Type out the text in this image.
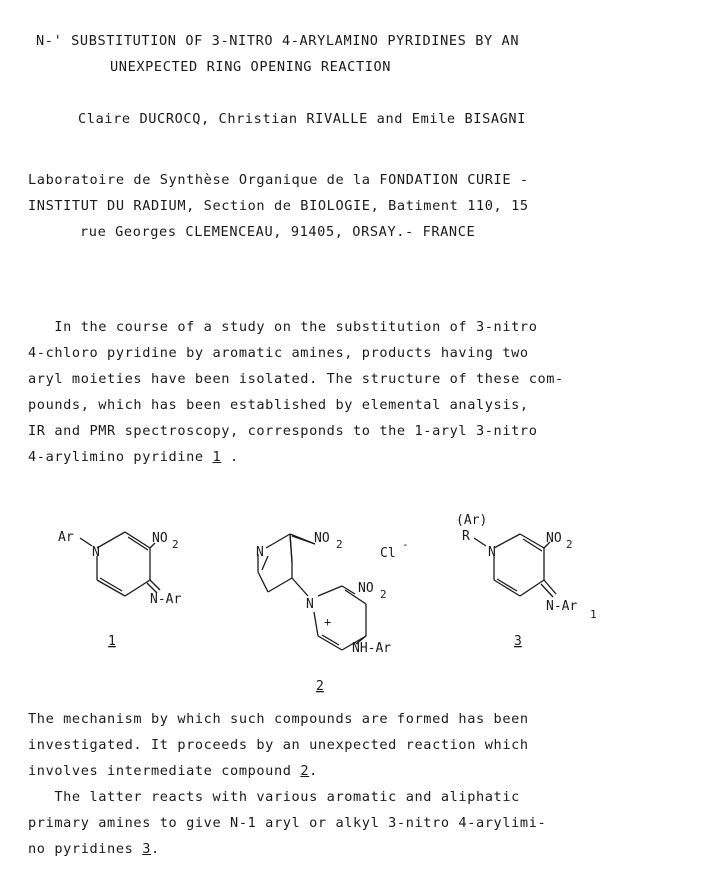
N-' SUBSTITUTION OF 3-NITRO 4-ARYLAMINO PYRIDINES BY AN
UNEXPECTED RING OPENING REACTION
Claire DUCROCQ, Christian RIVALLE and Emile BISAGNI
Laboratoire de Synthèse Organique de la FONDATION CURIE -
INSTITUT DU RADIUM, Section de BIOLOGIE, Batiment 110, 15
rue Georges CLEMENCEAU, 91405, ORSAY.- FRANCE
In the course of a study on the substitution of 3-nitro
4-chloro pyridine by aromatic amines, products having two
aryl moieties have been isolated. The structure of these com-
pounds, which has been established by elemental analysis,
IR and PMR spectroscopy, corresponds to the 1-aryl 3-nitro
4-arylimino pyridine 1 .
Ar
N
NO 2
N-Ar
1
N
NO 2
Cl
-
N
+
NO 2
NH-Ar
2
(Ar)
R
N
NO 2
N-Ar
1
3
The mechanism by which such compounds are formed has been
investigated. It proceeds by an unexpected reaction which
involves intermediate compound 2.
The latter reacts with various aromatic and aliphatic
primary amines to give N-1 aryl or alkyl 3-nitro 4-arylimi-
no pyridines 3.
